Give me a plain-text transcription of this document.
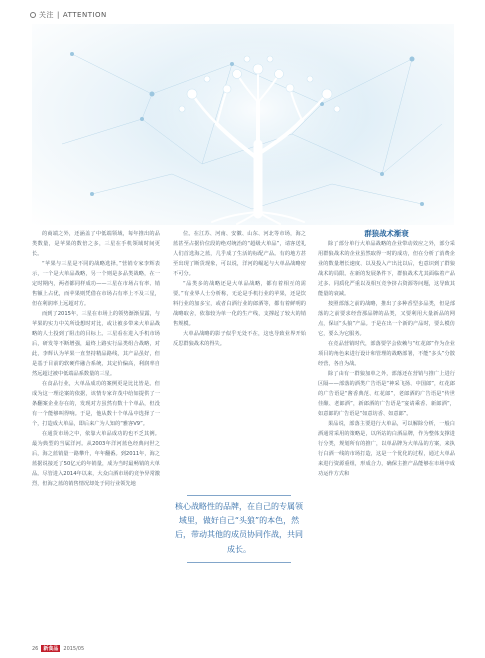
关注 | ATTENTION

的商端之外，还涵盖了中低端领域，每年推出的品类数量，是苹果的数倍之多，三星在手机领域时间更长。

“苹果与三星是不同的战略选择，”营销专家李辉表示，一个是大单品战略，另一个则是多品类战略，在一定时期内，两者都同样成功——三星在市场占有率、销售额上占优，而苹果则凭借在市场占有率上不及三星，但在利润率上远超对方。

而到了2015年，三星在市场上的领势渐渐显露，与苹果的实力中关所设想时对比，或让被多带来大单品战略的人士投到了阻击的目标上。三星看在进入手机市场后，研发等不断增强，最终上路实行品类组合战略，对此，李辉认为苹果一直坚持精品路线，其产品虽好，但是基于目前的软硬件融合系统，其定价偏高，利润率自然远超过被中低端品系数量的三星。

在食品行业，大单品成功的案例更是比比皆是。但成为这一理论案的依据，该情专家许茂中给如提供了一条翻案企业存在的，发现对方虽然有数十个单品，但没有一个能够叫得响。于是，他从数十个单品中选择了一个，打造成大单品，即后来广为人知的“雅客V9”。

在通货市场之中，依靠大单品成功的也不乏其例。最为典型的当属洋河。从2003年洋河蓝色经典问世之后，海之蓝销量一路攀升，年年翻番。到2011年，海之蓝据说接近了50亿元的年销量，成为当时最畅销的大单品。尽管进入2014年以来，大众白酒市场的竞争异常激烈，但海之蓝的销售情况却处于同行业领先地

位。在江苏、河南、安徽、山东、河北等市场，海之蓝甚至占据价位段的绝对统治的“超级大单品”，请客送礼人们首选海之蓝，几乎成了生活的标配产品。有的地方甚至出现了断货现象，可以说，洋河的崛起与大单品战略密不可分。

“品类多的战略还是大单品战略，都有着相互的需要。”有业界人士分析称，无论是手机行业的苹果，还是饮料行业的加多宝，或者白酒行业的郎酒等，都有着鲜明的战略取舍，依靠较为单一化的生产线，支撑起了较大的销售规模。

大单品战略的影子似乎无处不在，这也导致业界开始反思群狼战术的得失。

核心战略性的品牌，在自己的专属领域里，做好自己“头狼”的本色，然后，带动其他的成员协同作战，共同成长。

群狼战术渐衰

除了部分单行大单品战略的企业带动效应之外，部分采用群狼战术的企业虽然取得一时的成功，但在分析了消费企业的数量增长速度、以及投入产出比以后，也意识到了群狼战术的局限。在新的发展条件下，群狼战术尤其面临着产品过多、同质化严重以及相互竞争挤占资源等问题，这导致其能量的衰减。

按照部落之前的战略，推出了多种香型多品类，但是部落的之前要求经营那品牌的品类，又要利用大量新品的网点，保证“头狼”产品。于是在出一个新的产品时，要么模仿它，要么为它服务。

在竞品营销时代，部落要学会依赖与“红花郎”作为企业项目的角色来进行设计和管理的战略部署，不能“多头”分散经营，各自为战。

除了由有一群狼加单之外，部落还在营销与推广上进行区隔——部落的酒类广告语是“神采飞扬、中国郎”，红花郎的广告语是“酱香典范、红花郎”，老郎酒的广告语是“传世佳酿、老郎酒”，新郎酒的广告语是“宴请乘香、新郎酒”，如意郎的广告语是“如意坊香、如意郎”。

果品说，部落主要进行大单品，可以解除分析，一般白酒通常采用的策略是，以所站的白酒品牌，作为整体支撑进行分类，规划所有的推广，以单品牌为大单品的方案，来执行白酒一线的市场打造，这是一个优化的过程，通过大单品来进行资源重组，形成合力，确保主推产品能够在市场中成功运作方式和

26	新食品	2015/05
